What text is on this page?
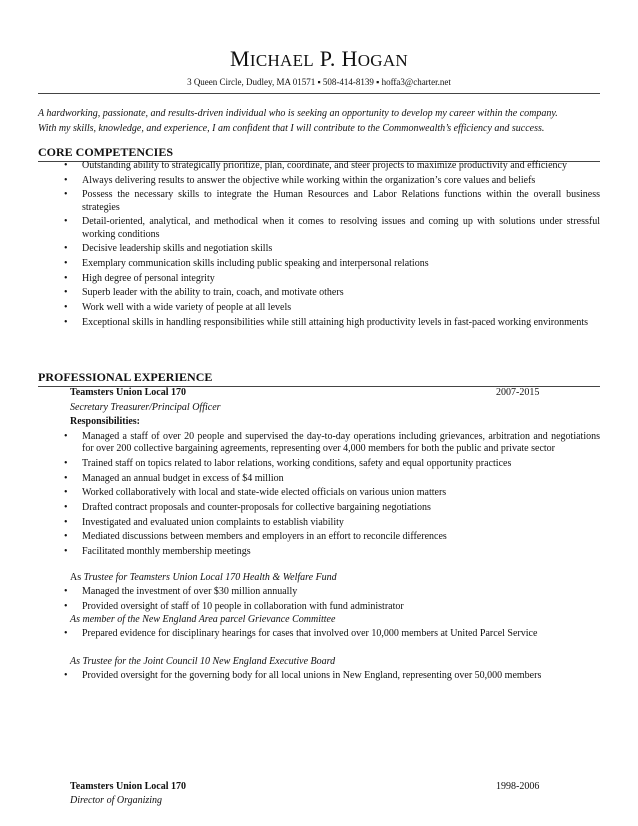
MICHAEL P. HOGAN
3 Queen Circle, Dudley, MA 01571 ▪ 508-414-8139 ▪ hoffa3@charter.net
A hardworking, passionate, and results-driven individual who is seeking an opportunity to develop my career within the company.
With my skills, knowledge, and experience, I am confident that I will contribute to the Commonwealth’s efficiency and success.
CORE COMPETENCIES
• Outstanding ability to strategically prioritize, plan, coordinate, and steer projects to maximize productivity and efficiency
• Always delivering results to answer the objective while working within the organization’s core values and beliefs
• Possess the necessary skills to integrate the Human Resources and Labor Relations functions within the overall business strategies
• Detail-oriented, analytical, and methodical when it comes to resolving issues and coming up with solutions under stressful working conditions
• Decisive leadership skills and negotiation skills
• Exemplary communication skills including public speaking and interpersonal relations
• High degree of personal integrity
• Superb leader with the ability to train, coach, and motivate others
• Work well with a wide variety of people at all levels
• Exceptional skills in handling responsibilities while still attaining high productivity levels in fast-paced working environments
PROFESSIONAL EXPERIENCE
Teamsters Union Local 170	2007-2015
Secretary Treasurer/Principal Officer
Responsibilities:
• Managed a staff of over 20 people and supervised the day-to-day operations including grievances, arbitration and negotiations for over 200 collective bargaining agreements, representing over 4,000 members for both the public and private sector
• Trained staff on topics related to labor relations, working conditions, safety and equal opportunity practices
• Managed an annual budget in excess of $4 million
• Worked collaboratively with local and state-wide elected officials on various union matters
• Drafted contract proposals and counter-proposals for collective bargaining negotiations
• Investigated and evaluated union complaints to establish viability
• Mediated discussions between members and employers in an effort to reconcile differences
• Facilitated monthly membership meetings
As Trustee for Teamsters Union Local 170 Health & Welfare Fund
• Managed the investment of over $30 million annually
• Provided oversight of staff of 10 people in collaboration with fund administrator
As member of the New England Area parcel Grievance Committee
• Prepared evidence for disciplinary hearings for cases that involved over 10,000 members at United Parcel Service
As Trustee for the Joint Council 10 New England Executive Board
• Provided oversight for the governing body for all local unions in New England, representing over 50,000 members
Teamsters Union Local 170	1998-2006
Director of Organizing
